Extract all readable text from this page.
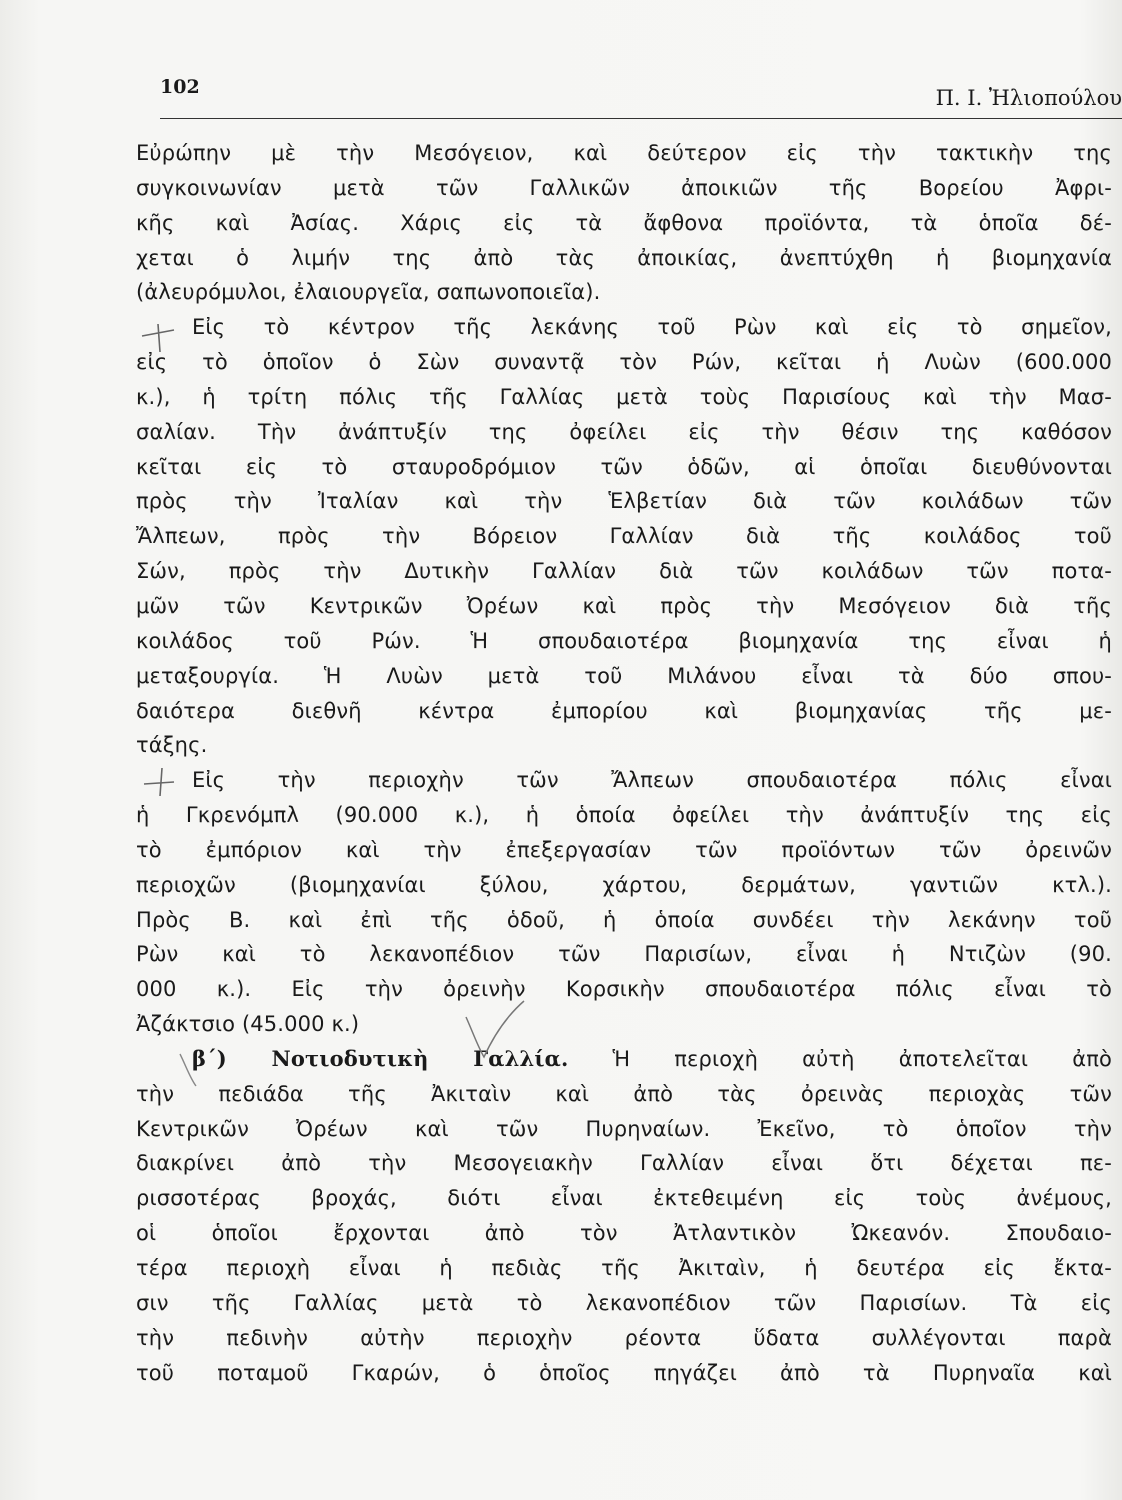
102	Π. Ι. Ἠλιοπούλου
Εὐρώπην μὲ τὴν Μεσόγειον, καὶ δεύτερον εἰς τὴν τακτικὴν της
συγκοινωνίαν μετὰ τῶν Γαλλικῶν ἀποικιῶν τῆς Βορείου Ἀφρι-
κῆς καὶ Ἀσίας. Χάρις εἰς τὰ ἄφθονα προϊόντα, τὰ ὁποῖα δέ-
χεται ὁ λιμήν της ἀπὸ τὰς ἀποικίας, ἀνεπτύχθη ἡ βιομηχανία
(ἀλευρόμυλοι, ἐλαιουργεῖα, σαπωνοποιεῖα).
Εἰς τὸ κέντρον τῆς λεκάνης τοῦ Ρὼν καὶ εἰς τὸ σημεῖον,
εἰς τὸ ὁποῖον ὁ Σὼν συναντᾷ τὸν Ρών, κεῖται ἡ Λυὼν (600.000
κ.), ἡ τρίτη πόλις τῆς Γαλλίας μετὰ τοὺς Παρισίους καὶ τὴν Μασ-
σαλίαν. Τὴν ἀνάπτυξίν της ὀφείλει εἰς τὴν θέσιν της καθόσον
κεῖται εἰς τὸ σταυροδρόμιον τῶν ὁδῶν, αἱ ὁποῖαι διευθύνονται
πρὸς τὴν Ἰταλίαν καὶ τὴν Ἑλβετίαν διὰ τῶν κοιλάδων τῶν
Ἄλπεων, πρὸς τὴν Βόρειον Γαλλίαν διὰ τῆς κοιλάδος τοῦ
Σών, πρὸς τὴν Δυτικὴν Γαλλίαν διὰ τῶν κοιλάδων τῶν ποτα-
μῶν τῶν Κεντρικῶν Ὀρέων καὶ πρὸς τὴν Μεσόγειον διὰ τῆς
κοιλάδος τοῦ Ρών. Ἡ σπουδαιοτέρα βιομηχανία της εἶναι ἡ
μεταξουργία. Ἡ Λυὼν μετὰ τοῦ Μιλάνου εἶναι τὰ δύο σπου-
δαιότερα διεθνῆ κέντρα ἐμπορίου καὶ βιομηχανίας τῆς με-
τάξης.
Εἰς τὴν περιοχὴν τῶν Ἄλπεων σπουδαιοτέρα πόλις εἶναι
ἡ Γκρενόμπλ (90.000 κ.), ἡ ὁποία ὀφείλει τὴν ἀνάπτυξίν της εἰς
τὸ ἐμπόριον καὶ τὴν ἐπεξεργασίαν τῶν προϊόντων τῶν ὀρεινῶν
περιοχῶν (βιομηχανίαι ξύλου, χάρτου, δερμάτων, γαντιῶν κτλ.).
Πρὸς Β. καὶ ἐπὶ τῆς ὁδοῦ, ἡ ὁποία συνδέει τὴν λεκάνην τοῦ
Ρὼν καὶ τὸ λεκανοπέδιον τῶν Παρισίων, εἶναι ἡ Ντιζὼν (90.
000 κ.). Εἰς τὴν ὀρεινὴν Κορσικὴν σπουδαιοτέρα πόλις εἶναι τὸ
Ἀζάκτσιο (45.000 κ.)
β΄) Νοτιοδυτικὴ Γαλλία. Ἡ περιοχὴ αὐτὴ ἀποτελεῖται ἀπὸ
τὴν πεδιάδα τῆς Ἀκιταὶν καὶ ἀπὸ τὰς ὀρεινὰς περιοχὰς τῶν
Κεντρικῶν Ὀρέων καὶ τῶν Πυρηναίων. Ἐκεῖνο, τὸ ὁποῖον τὴν
διακρίνει ἀπὸ τὴν Μεσογειακὴν Γαλλίαν εἶναι ὅτι δέχεται πε-
ρισσοτέρας βροχάς, διότι εἶναι ἐκτεθειμένη εἰς τοὺς ἀνέμους,
οἱ ὁποῖοι ἔρχονται ἀπὸ τὸν Ἀτλαντικὸν Ὠκεανόν. Σπουδαιο-
τέρα περιοχὴ εἶναι ἡ πεδιὰς τῆς Ἀκιταὶν, ἡ δευτέρα εἰς ἔκτα-
σιν τῆς Γαλλίας μετὰ τὸ λεκανοπέδιον τῶν Παρισίων. Τὰ εἰς
τὴν πεδινὴν αὐτὴν περιοχὴν ρέοντα ὕδατα συλλέγονται παρὰ
τοῦ ποταμοῦ Γκαρών, ὁ ὁποῖος πηγάζει ἀπὸ τὰ Πυρηναῖα καὶ
